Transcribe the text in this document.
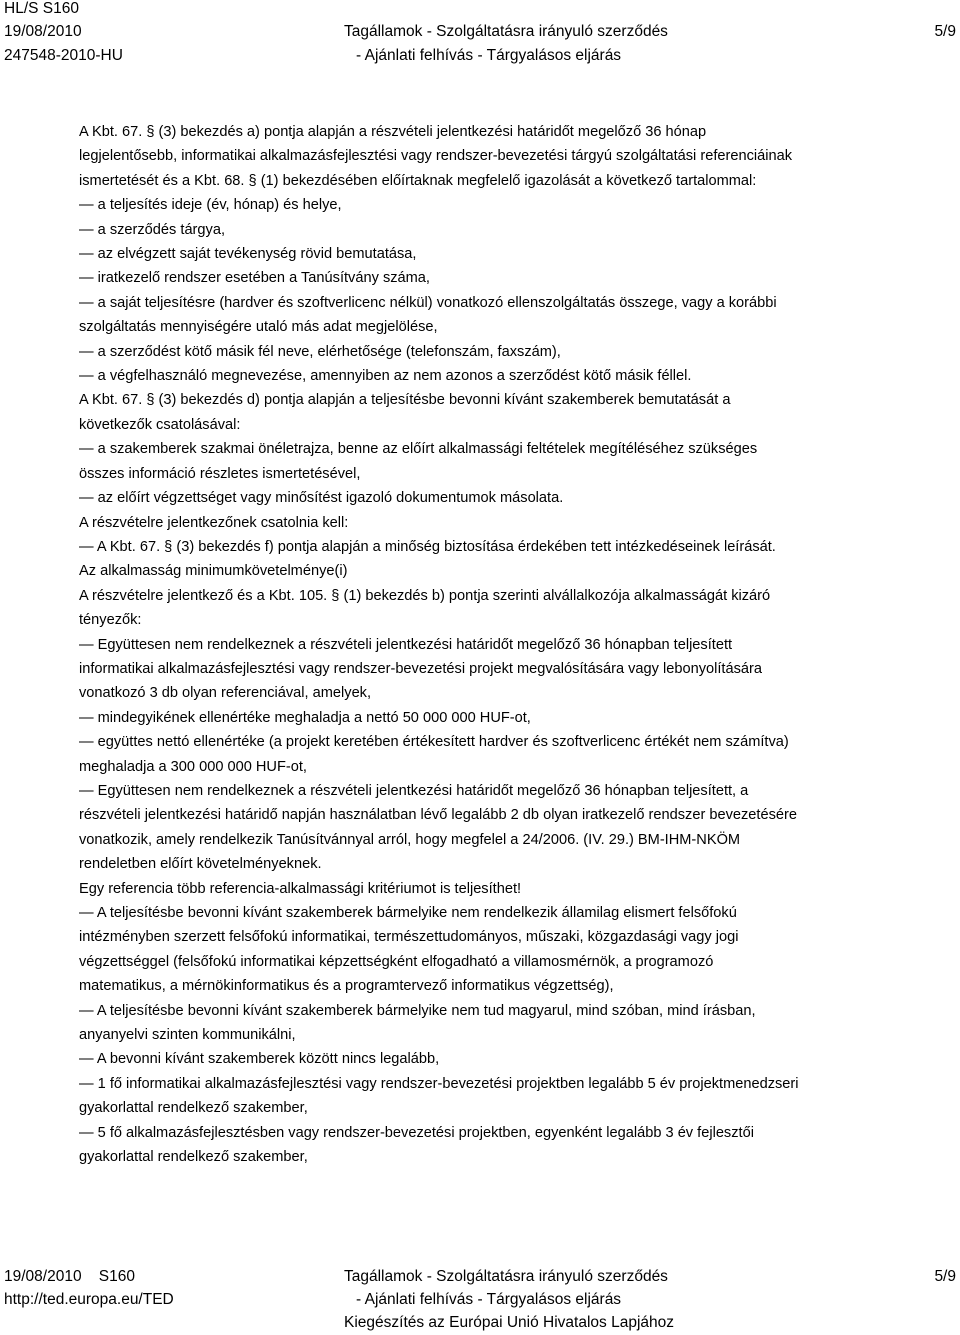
HL/S S160
19/08/2010
247548-2010-HU
Tagállamok - Szolgáltatásra irányuló szerződés
- Ajánlati felhívás - Tárgyalásos eljárás
5/9

A Kbt. 67. § (3) bekezdés a) pontja alapján a részvételi jelentkezési határidőt megelőző 36 hónap

legjelentősebb, informatikai alkalmazásfejlesztési vagy rendszer-bevezetési tárgyú szolgáltatási referenciáinak

ismertetését és a Kbt. 68. § (1) bekezdésében előírtaknak megfelelő igazolását a következő tartalommal:

— a teljesítés ideje (év, hónap) és helye,

— a szerződés tárgya,

— az elvégzett saját tevékenység rövid bemutatása,

— iratkezelő rendszer esetében a Tanúsítvány száma,

— a saját teljesítésre (hardver és szoftverlicenc nélkül) vonatkozó ellenszolgáltatás összege, vagy a korábbi

szolgáltatás mennyiségére utaló más adat megjelölése,

— a szerződést kötő másik fél neve, elérhetősége (telefonszám, faxszám),

— a végfelhasználó megnevezése, amennyiben az nem azonos a szerződést kötő másik féllel.

A Kbt. 67. § (3) bekezdés d) pontja alapján a teljesítésbe bevonni kívánt szakemberek bemutatását a

következők csatolásával:

— a szakemberek szakmai önéletrajza, benne az előírt alkalmassági feltételek megítéléséhez szükséges

összes információ részletes ismertetésével,

— az előírt végzettséget vagy minősítést igazoló dokumentumok másolata.

A részvételre jelentkezőnek csatolnia kell:

— A Kbt. 67. § (3) bekezdés f) pontja alapján a minőség biztosítása érdekében tett intézkedéseinek leírását.

Az alkalmasság minimumkövetelménye(i)

A részvételre jelentkező és a Kbt. 105. § (1) bekezdés b) pontja szerinti alvállalkozója alkalmasságát kizáró

tényezők:

— Együttesen nem rendelkeznek a részvételi jelentkezési határidőt megelőző 36 hónapban teljesített

informatikai alkalmazásfejlesztési vagy rendszer-bevezetési projekt megvalósítására vagy lebonyolítására

vonatkozó 3 db olyan referenciával, amelyek,

— mindegyikének ellenértéke meghaladja a nettó 50 000 000 HUF-ot,

— együttes nettó ellenértéke (a projekt keretében értékesített hardver és szoftverlicenc értékét nem számítva)

meghaladja a 300 000 000 HUF-ot,

— Együttesen nem rendelkeznek a részvételi jelentkezési határidőt megelőző 36 hónapban teljesített, a

részvételi jelentkezési határidő napján használatban lévő legalább 2 db olyan iratkezelő rendszer bevezetésére

vonatkozik, amely rendelkezik Tanúsítvánnyal arról, hogy megfelel a 24/2006. (IV. 29.) BM-IHM-NKÖM

rendeletben előírt követelményeknek.

Egy referencia több referencia-alkalmassági kritériumot is teljesíthet!

— A teljesítésbe bevonni kívánt szakemberek bármelyike nem rendelkezik államilag elismert felsőfokú

intézményben szerzett felsőfokú informatikai, természettudományos, műszaki, közgazdasági vagy jogi

végzettséggel (felsőfokú informatikai képzettségként elfogadható a villamosmérnök, a programozó

matematikus, a mérnökinformatikus és a programtervező informatikus végzettség),

— A teljesítésbe bevonni kívánt szakemberek bármelyike nem tud magyarul, mind szóban, mind írásban,

anyanyelvi szinten kommunikálni,

— A bevonni kívánt szakemberek között nincs legalább,

— 1 fő informatikai alkalmazásfejlesztési vagy rendszer-bevezetési projektben legalább 5 év projektmenedzseri

gyakorlattal rendelkező szakember,

— 5 fő alkalmazásfejlesztésben vagy rendszer-bevezetési projektben, egyenként legalább 3 év fejlesztői

gyakorlattal rendelkező szakember,

19/08/2010    S160
http://ted.europa.eu/TED
Tagállamok - Szolgáltatásra irányuló szerződés
- Ajánlati felhívás - Tárgyalásos eljárás
Kiegészítés az Európai Unió Hivatalos Lapjához
5/9
